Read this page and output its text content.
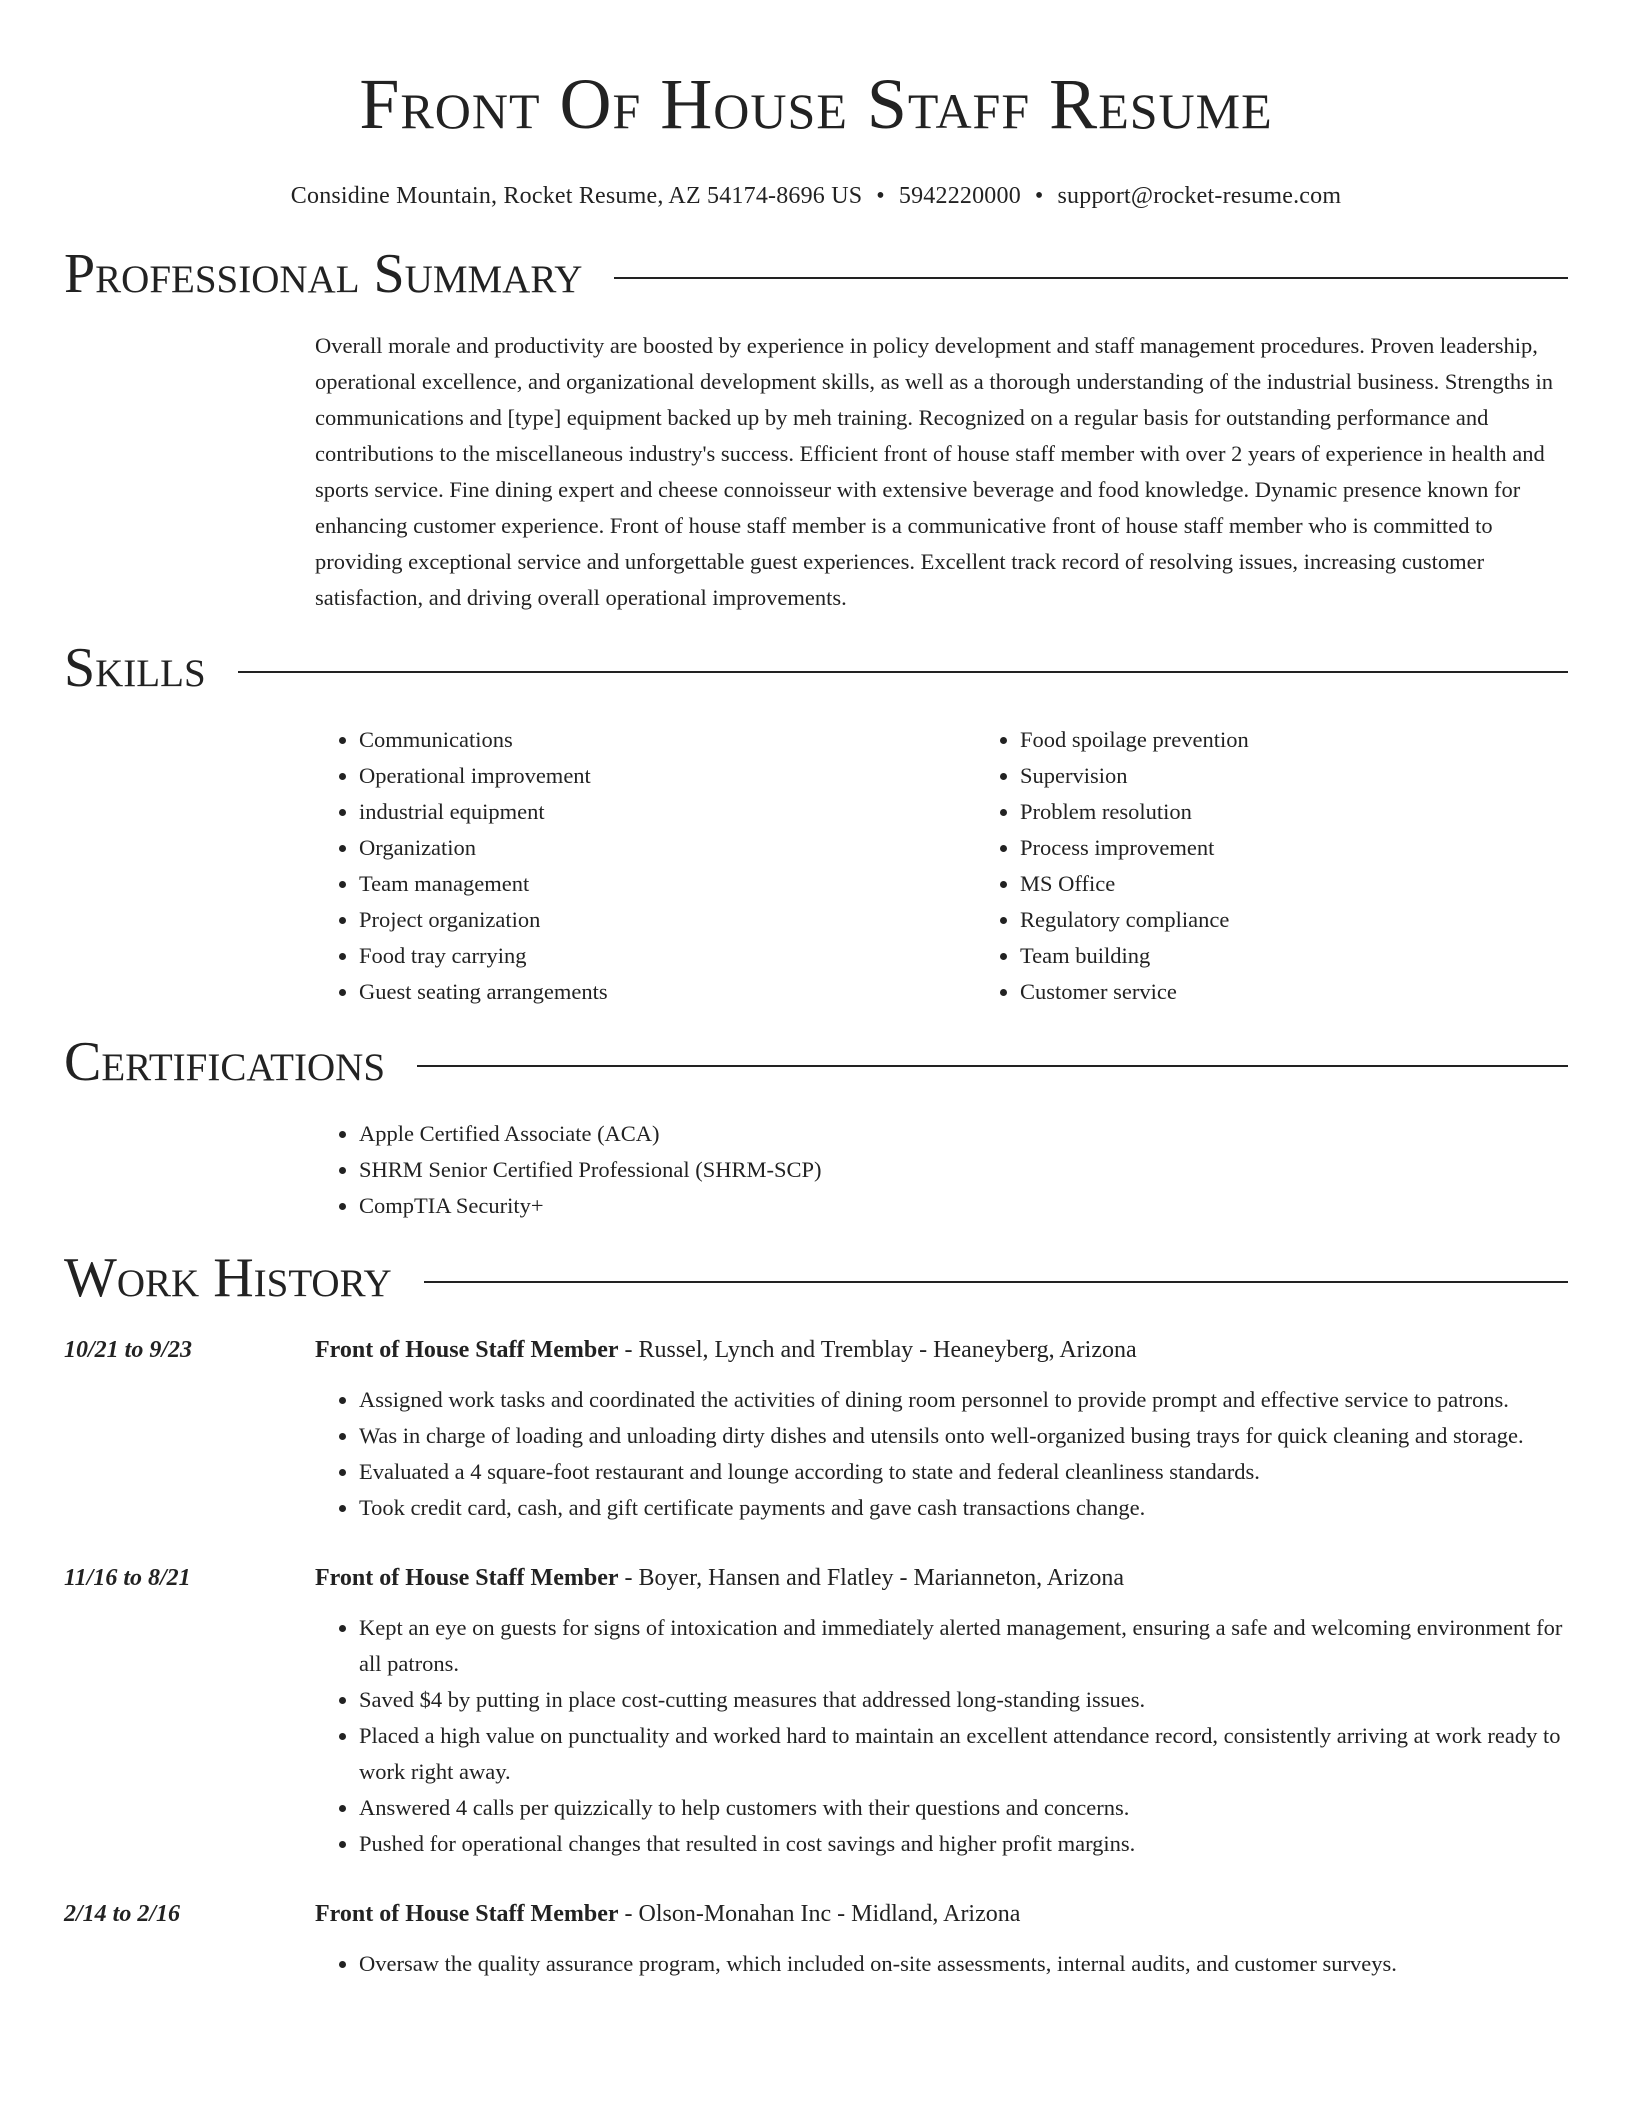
Front Of House Staff Resume
Considine Mountain, Rocket Resume, AZ 54174-8696 US • 5942220000 • support@rocket-resume.com
Professional Summary
Overall morale and productivity are boosted by experience in policy development and staff management procedures. Proven leadership, operational excellence, and organizational development skills, as well as a thorough understanding of the industrial business. Strengths in communications and [type] equipment backed up by meh training. Recognized on a regular basis for outstanding performance and contributions to the miscellaneous industry's success. Efficient front of house staff member with over 2 years of experience in health and sports service. Fine dining expert and cheese connoisseur with extensive beverage and food knowledge. Dynamic presence known for enhancing customer experience. Front of house staff member is a communicative front of house staff member who is committed to providing exceptional service and unforgettable guest experiences. Excellent track record of resolving issues, increasing customer satisfaction, and driving overall operational improvements.
Skills
• Communications
• Operational improvement
• industrial equipment
• Organization
• Team management
• Project organization
• Food tray carrying
• Guest seating arrangements
• Food spoilage prevention
• Supervision
• Problem resolution
• Process improvement
• MS Office
• Regulatory compliance
• Team building
• Customer service
Certifications
• Apple Certified Associate (ACA)
• SHRM Senior Certified Professional (SHRM-SCP)
• CompTIA Security+
Work History
10/21 to 9/23	Front of House Staff Member - Russel, Lynch and Tremblay - Heaneyberg, Arizona
• Assigned work tasks and coordinated the activities of dining room personnel to provide prompt and effective service to patrons.
• Was in charge of loading and unloading dirty dishes and utensils onto well-organized busing trays for quick cleaning and storage.
• Evaluated a 4 square-foot restaurant and lounge according to state and federal cleanliness standards.
• Took credit card, cash, and gift certificate payments and gave cash transactions change.
11/16 to 8/21	Front of House Staff Member - Boyer, Hansen and Flatley - Marianneton, Arizona
• Kept an eye on guests for signs of intoxication and immediately alerted management, ensuring a safe and welcoming environment for all patrons.
• Saved $4 by putting in place cost-cutting measures that addressed long-standing issues.
• Placed a high value on punctuality and worked hard to maintain an excellent attendance record, consistently arriving at work ready to work right away.
• Answered 4 calls per quizzically to help customers with their questions and concerns.
• Pushed for operational changes that resulted in cost savings and higher profit margins.
2/14 to 2/16	Front of House Staff Member - Olson-Monahan Inc - Midland, Arizona
• Oversaw the quality assurance program, which included on-site assessments, internal audits, and customer surveys.
